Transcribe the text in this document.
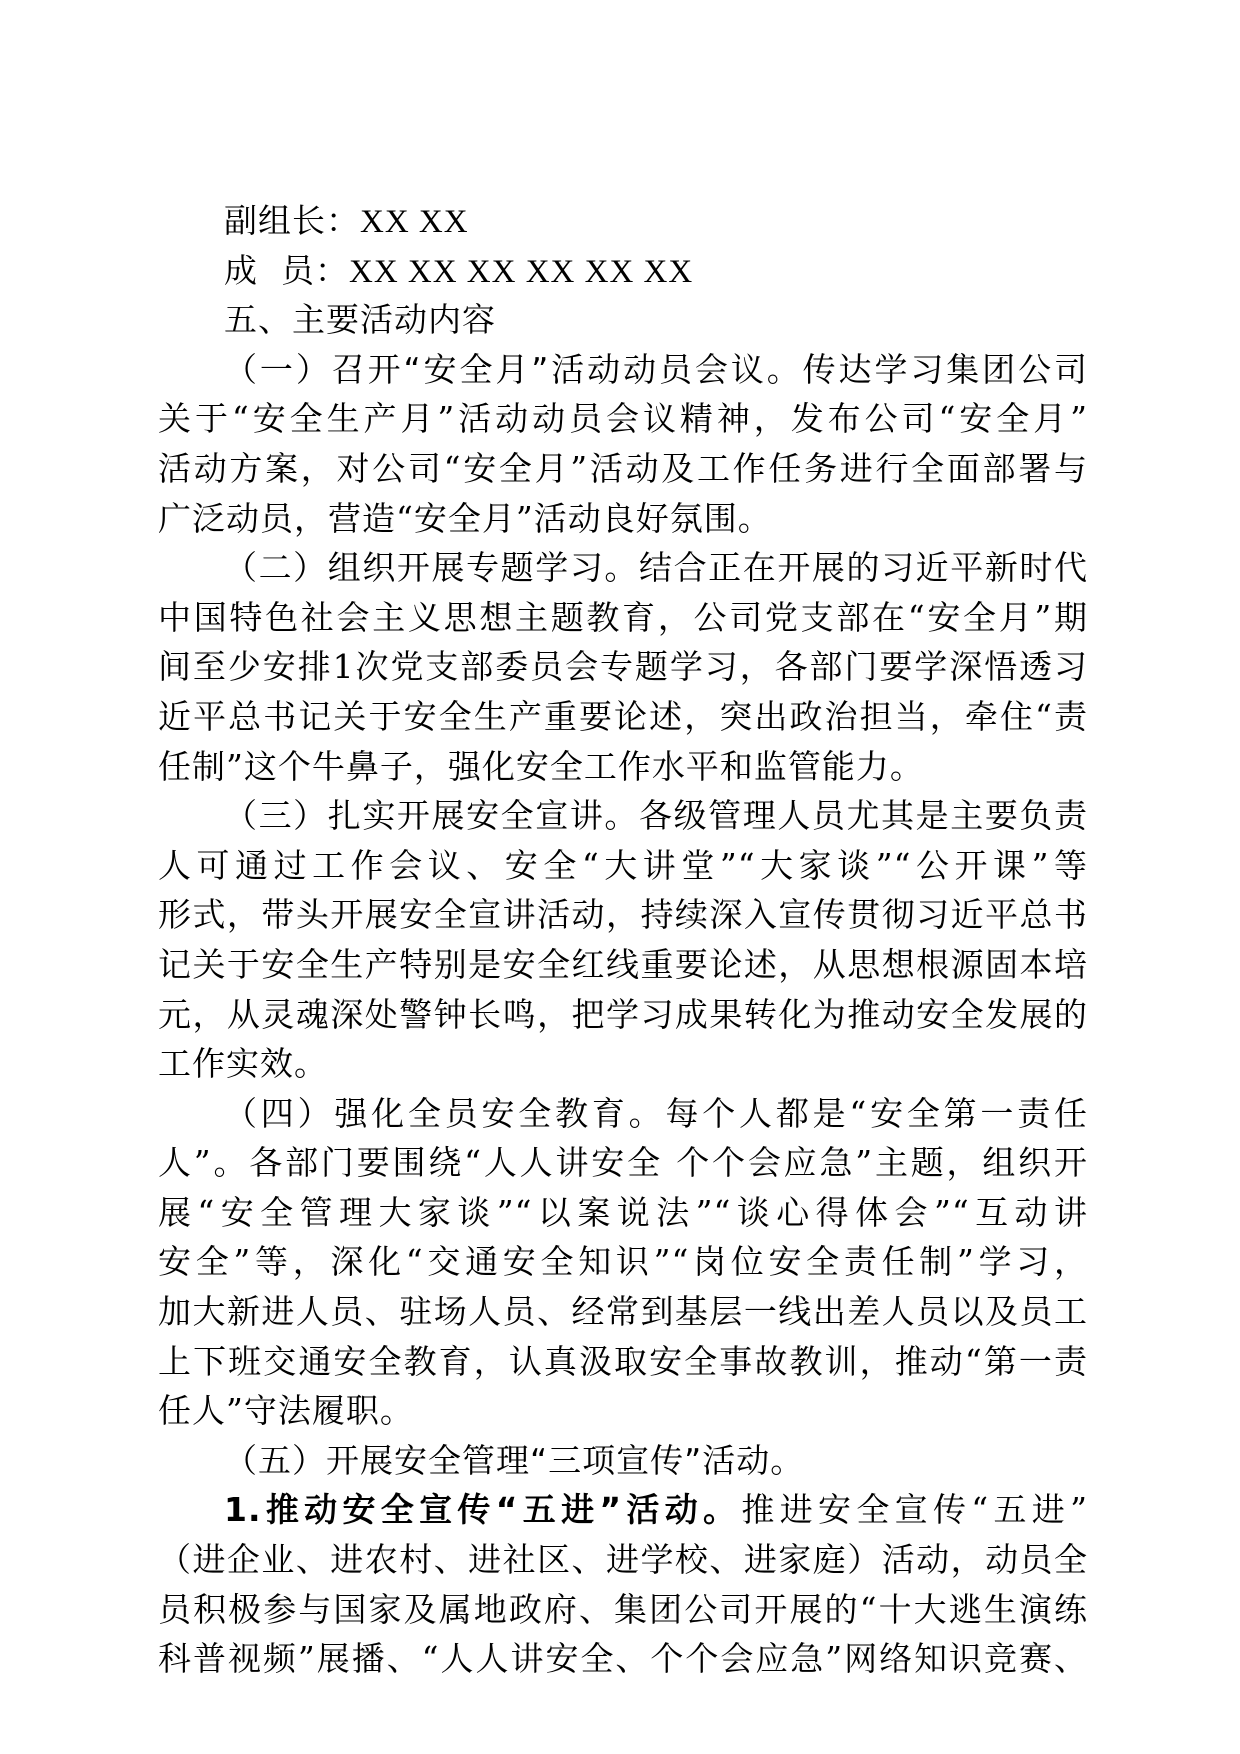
副组长：XX XX
成  员：XX XX XX XX XX XX
五、主要活动内容
（一）召开“安全月”活动动员会议。传达学习集团公司
关于“安全生产月”活动动员会议精神，发布公司“安全月”
活动方案，对公司“安全月”活动及工作任务进行全面部署与
广泛动员，营造“安全月”活动良好氛围。
（二）组织开展专题学习。结合正在开展的习近平新时代
中国特色社会主义思想主题教育，公司党支部在“安全月”期
间至少安排1次党支部委员会专题学习，各部门要学深悟透习
近平总书记关于安全生产重要论述，突出政治担当，牵住“责
任制”这个牛鼻子，强化安全工作水平和监管能力。
（三）扎实开展安全宣讲。各级管理人员尤其是主要负责
人可通过工作会议、安全“大讲堂”“大家谈”“公开课”等
形式，带头开展安全宣讲活动，持续深入宣传贯彻习近平总书
记关于安全生产特别是安全红线重要论述，从思想根源固本培
元，从灵魂深处警钟长鸣，把学习成果转化为推动安全发展的
工作实效。
（四）强化全员安全教育。每个人都是“安全第一责任
人”。各部门要围绕“人人讲安全 个个会应急”主题，组织开
展“安全管理大家谈”“以案说法”“谈心得体会”“互动讲
安全”等，深化“交通安全知识”“岗位安全责任制”学习，
加大新进人员、驻场人员、经常到基层一线出差人员以及员工
上下班交通安全教育，认真汲取安全事故教训，推动“第一责
任人”守法履职。
（五）开展安全管理“三项宣传”活动。
1.推动安全宣传“五进”活动。推进安全宣传“五进”
（进企业、进农村、进社区、进学校、进家庭）活动，动员全
员积极参与国家及属地政府、集团公司开展的“十大逃生演练
科普视频”展播、“人人讲安全、个个会应急”网络知识竞赛、
